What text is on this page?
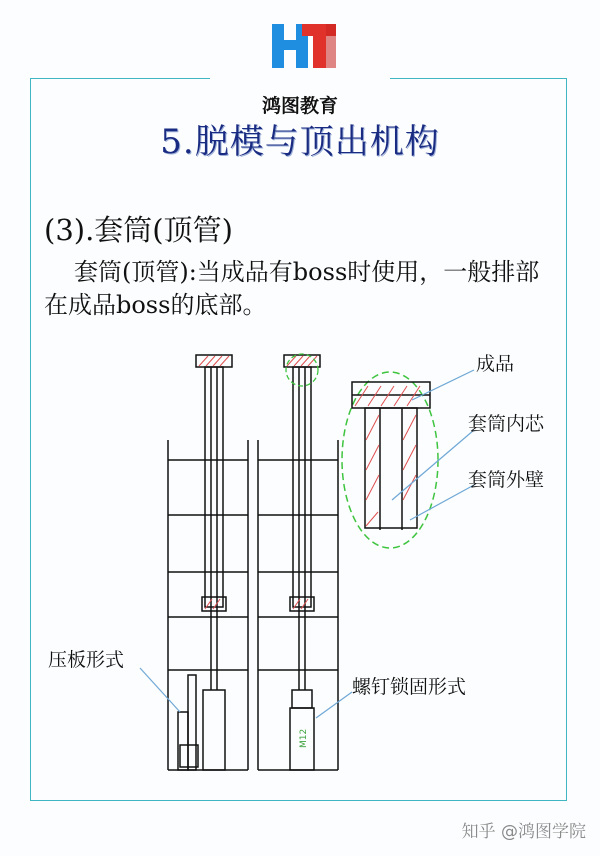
鸿图教育
5.脱模与顶出机构
(3).套筒(顶管)
套筒(顶管):当成品有boss时使用，一般排部在成品boss的底部。
M12
成品
套筒内芯
套筒外壁
压板形式
螺钉锁固形式
知乎 @鸿图学院
